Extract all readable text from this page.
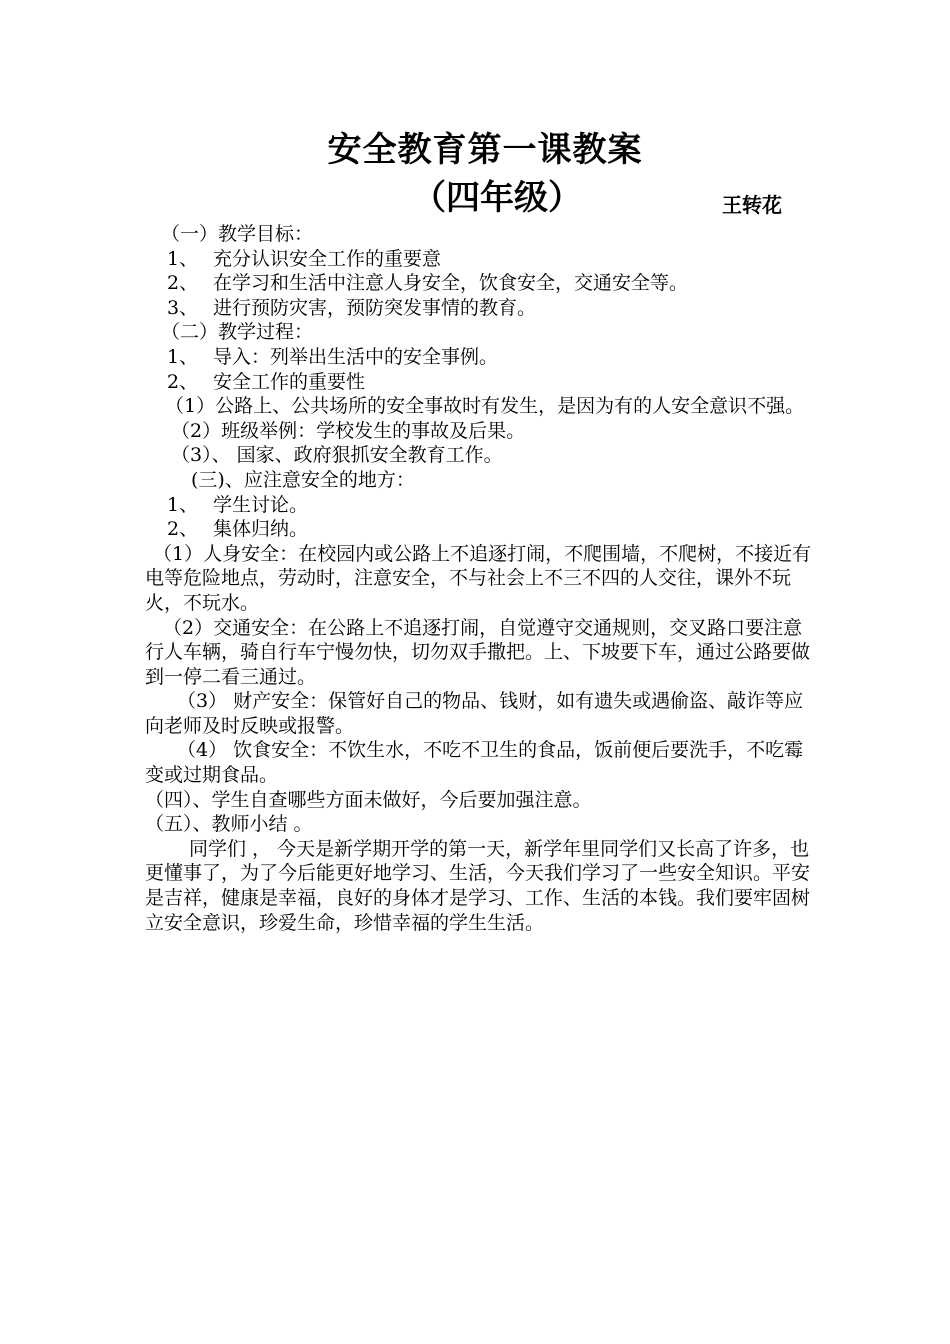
安全教育第一课教案
（四年级）	王转花
（一）教学目标：
1、 充分认识安全工作的重要意
2、 在学习和生活中注意人身安全，饮食安全，交通安全等。
3、 进行预防灾害，预防突发事情的教育。
（二）教学过程：
1、 导入：列举出生活中的安全事例。
2、 安全工作的重要性
（1）公路上、公共场所的安全事故时有发生，是因为有的人安全意识不强。
（2）班级举例：学校发生的事故及后果。
（3）、 国家、政府狠抓安全教育工作。
(三)、应注意安全的地方：
1、 学生讨论。
2、 集体归纳。
（1）人身安全：在校园内或公路上不追逐打闹，不爬围墙，不爬树，不接近有电等危险地点，劳动时，注意安全，不与社会上不三不四的人交往，课外不玩火，不玩水。
（2）交通安全：在公路上不追逐打闹，自觉遵守交通规则，交叉路口要注意行人车辆，骑自行车宁慢勿快，切勿双手撒把。上、下坡要下车，通过公路要做到一停二看三通过。
（3） 财产安全：保管好自己的物品、钱财，如有遗失或遇偷盗、敲诈等应向老师及时反映或报警。
（4） 饮食安全：不饮生水，不吃不卫生的食品，饭前便后要洗手，不吃霉变或过期食品。
（四）、学生自查哪些方面未做好，今后要加强注意。
（五）、教师小结 。
同学们 ， 今天是新学期开学的第一天，新学年里同学们又长高了许多，也更懂事了，为了今后能更好地学习、生活，今天我们学习了一些安全知识。平安是吉祥，健康是幸福，良好的身体才是学习、工作、生活的本钱。我们要牢固树立安全意识，珍爱生命，珍惜幸福的学生生活。
